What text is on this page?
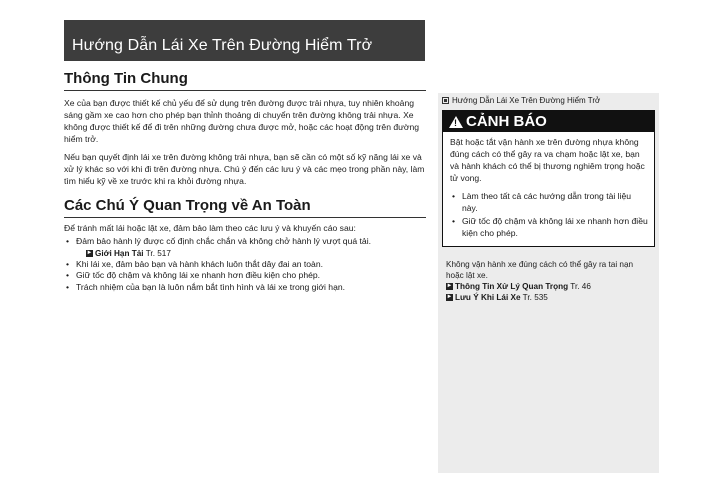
Hướng Dẫn Lái Xe Trên Đường Hiểm Trở
Thông Tin Chung

Xe của bạn được thiết kế chủ yếu để sử dụng trên đường được trải nhựa, tuy nhiên khoảng sáng gầm xe cao hơn cho phép bạn thỉnh thoảng di chuyển trên đường không trải nhựa. Xe không được thiết kế để đi trên những đường chưa được mở, hoặc các hoạt động trên đường hiểm trở.

Nếu bạn quyết định lái xe trên đường không trải nhựa, bạn sẽ cần có một số kỹ năng lái xe và xử lý khác so với khi đi trên đường nhựa. Chú ý đến các lưu ý và các mẹo trong phần này, làm tìm hiểu kỹ về xe trước khi ra khỏi đường nhựa.

Các Chú Ý Quan Trọng về An Toàn

Để tránh mất lái hoặc lật xe, đảm bảo làm theo các lưu ý và khuyến cáo sau:

• Đảm bảo hành lý được cố định chắc chắn và không chở hành lý vượt quá tải.
► Giới Hạn Tải Tr. 517
• Khi lái xe, đảm bảo bạn và hành khách luôn thắt dây đai an toàn.
• Giữ tốc độ chậm và không lái xe nhanh hơn điều kiện cho phép.
• Trách nhiệm của bạn là luôn nắm bắt tình hình và lái xe trong giới hạn.
Hướng Dẫn Lái Xe Trên Đường Hiểm Trở
!
CẢNH BÁO

Bật hoặc tắt vận hành xe trên đường nhựa không đúng cách có thể gây ra va chạm hoặc lật xe, bạn và hành khách có thể bị thương nghiêm trọng hoặc tử vong.

• Làm theo tất cả các hướng dẫn trong tài liệu này.
• Giữ tốc độ chậm và không lái xe nhanh hơn điều kiện cho phép.

Không vận hành xe đúng cách có thể gây ra tai nạn hoặc lật xe.

► Thông Tin Xử Lý Quan Trọng Tr. 46
► Lưu Ý Khi Lái Xe Tr. 535
